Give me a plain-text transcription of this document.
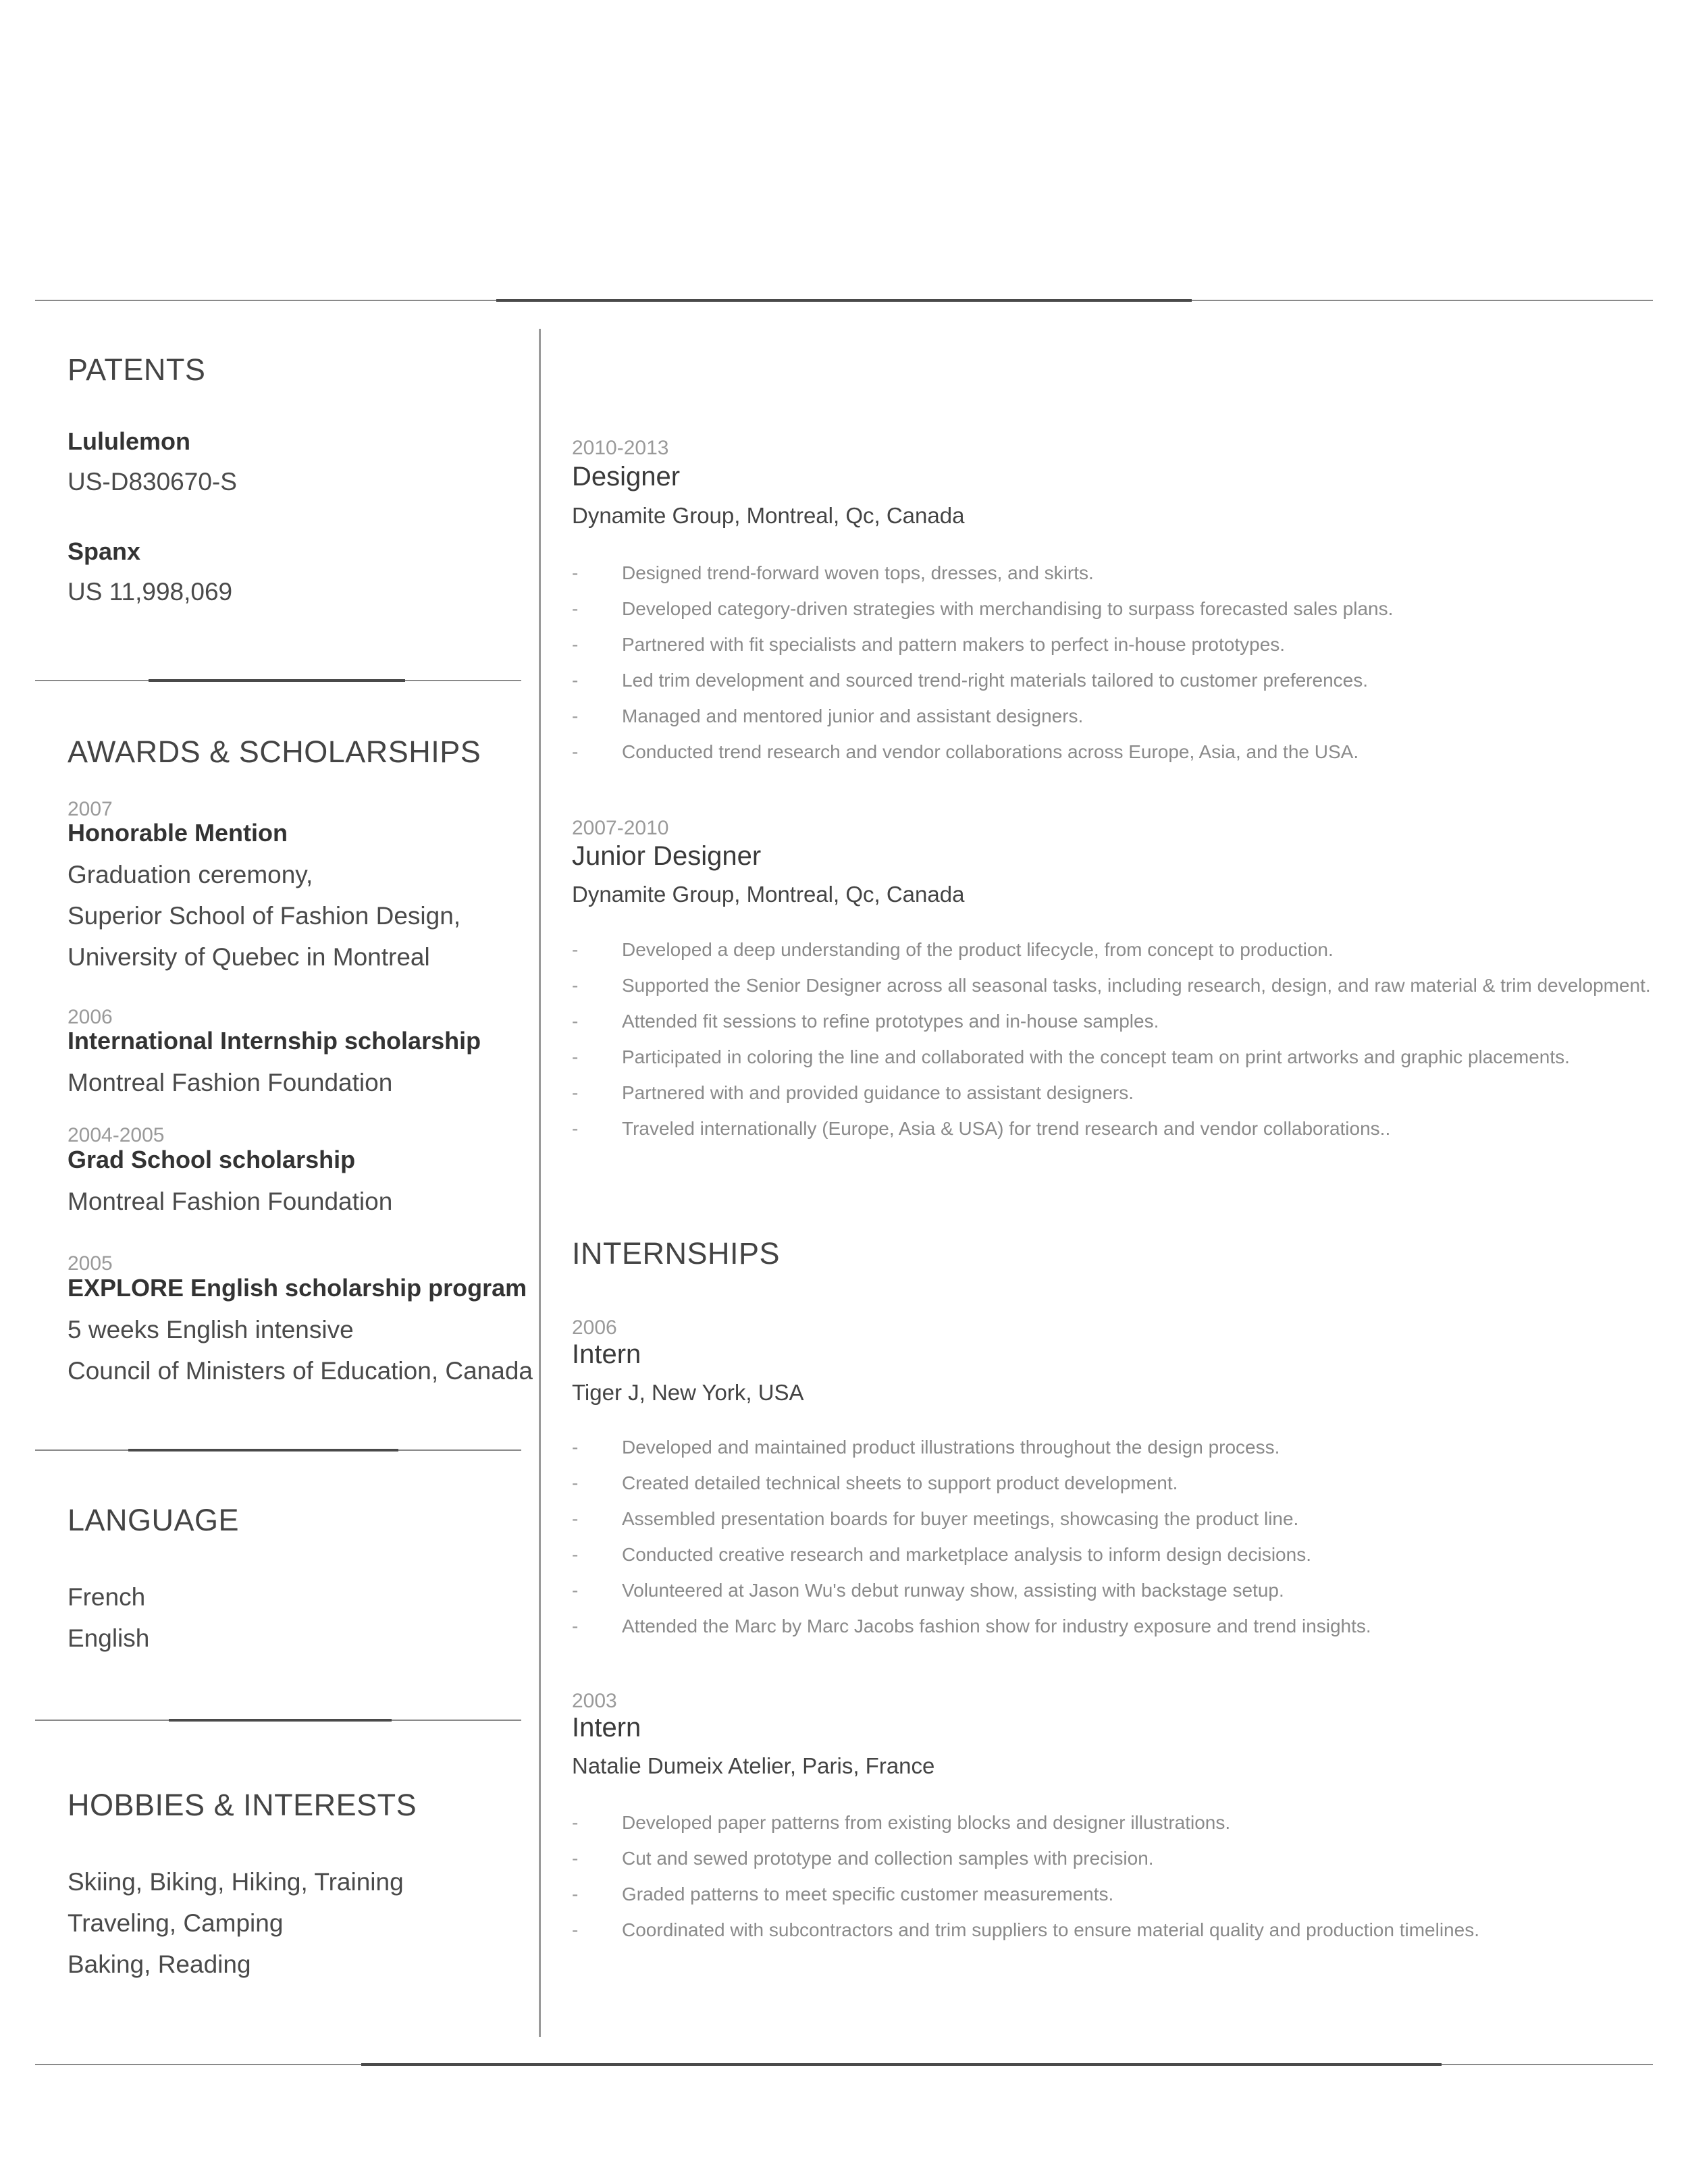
PATENTS
Lululemon
US-D830670-S
Spanx
US 11,998,069
AWARDS & SCHOLARSHIPS
2007
Honorable Mention
Graduation ceremony,
Superior School of Fashion Design,
University of Quebec in Montreal
2006
International Internship scholarship
Montreal Fashion Foundation
2004-2005
Grad School scholarship
Montreal Fashion Foundation
2005
EXPLORE English scholarship program
5 weeks English intensive
Council of Ministers of Education, Canada
LANGUAGE
French
English
HOBBIES & INTERESTS
Skiing, Biking, Hiking, Training
Traveling, Camping
Baking, Reading
2010-2013
Designer
Dynamite Group, Montreal, Qc, Canada
- Designed trend-forward woven tops, dresses, and skirts.
- Developed category-driven strategies with merchandising to surpass forecasted sales plans.
- Partnered with fit specialists and pattern makers to perfect in-house prototypes.
- Led trim development and sourced trend-right materials tailored to customer preferences.
- Managed and mentored junior and assistant designers.
- Conducted trend research and vendor collaborations across Europe, Asia, and the USA.
2007-2010
Junior Designer
Dynamite Group, Montreal, Qc, Canada
- Developed a deep understanding of the product lifecycle, from concept to production.
- Supported the Senior Designer across all seasonal tasks, including research, design, and raw material & trim development.
- Attended fit sessions to refine prototypes and in-house samples.
- Participated in coloring the line and collaborated with the concept team on print artworks and graphic placements.
- Partnered with and provided guidance to assistant designers.
- Traveled internationally (Europe, Asia & USA) for trend research and vendor collaborations..
INTERNSHIPS
2006
Intern
Tiger J, New York, USA
- Developed and maintained product illustrations throughout the design process.
- Created detailed technical sheets to support product development.
- Assembled presentation boards for buyer meetings, showcasing the product line.
- Conducted creative research and marketplace analysis to inform design decisions.
- Volunteered at Jason Wu's debut runway show, assisting with backstage setup.
- Attended the Marc by Marc Jacobs fashion show for industry exposure and trend insights.
2003
Intern
Natalie Dumeix Atelier, Paris, France
- Developed paper patterns from existing blocks and designer illustrations.
- Cut and sewed prototype and collection samples with precision.
- Graded patterns to meet specific customer measurements.
- Coordinated with subcontractors and trim suppliers to ensure material quality and production timelines.
